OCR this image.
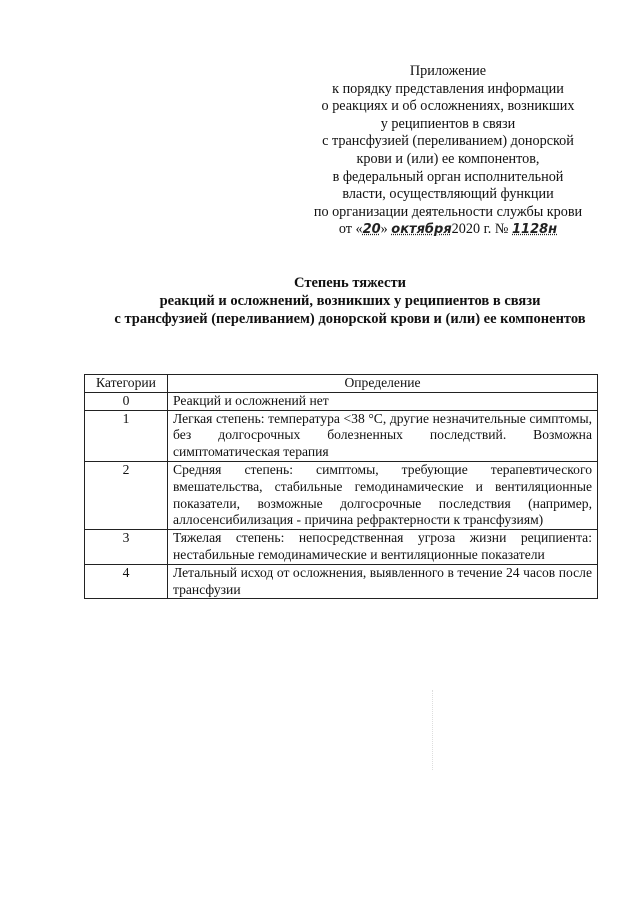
Приложение
к порядку представления информации
о реакциях и об осложнениях, возникших
у реципиентов в связи
с трансфузией (переливанием) донорской
крови и (или) ее компонентов,
в федеральный орган исполнительной
власти, осуществляющий функции
по организации деятельности службы крови
от «20» октября2020 г. № 1128н
Степень тяжести
реакций и осложнений, возникших у реципиентов в связи
с трансфузией (переливанием) донорской крови и (или) ее компонентов
Категории	Определение
0	Реакций и осложнений нет
1	Легкая степень: температура <38 °C, другие незначительные симптомы, без долгосрочных болезненных последствий. Возможна симптоматическая терапия
2	Средняя степень: симптомы, требующие терапевтического вмешательства, стабильные гемодинамические и вентиляционные показатели, возможные долгосрочные последствия (например, аллосенсибилизация - причина рефрактерности к трансфузиям)
3	Тяжелая степень: непосредственная угроза жизни реципиента: нестабильные гемодинамические и вентиляционные показатели
4	Летальный исход от осложнения, выявленного в течение 24 часов после трансфузии
